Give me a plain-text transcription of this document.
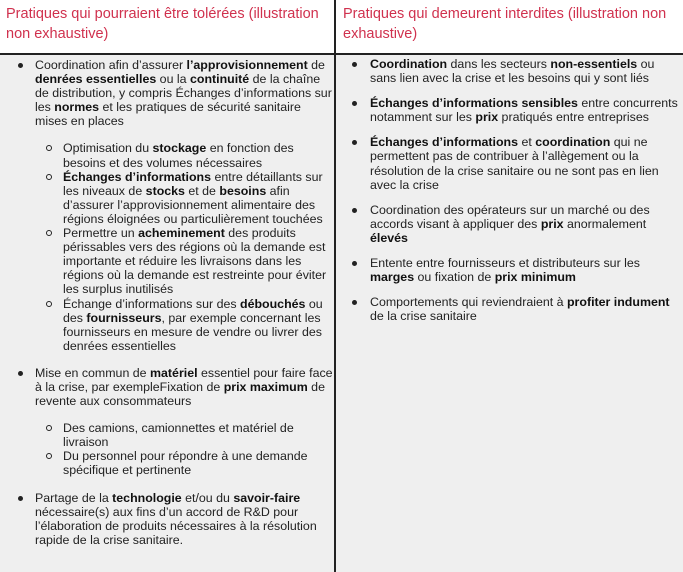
Pratiques qui pourraient être tolérées (illustration non exhaustive)
Pratiques qui demeurent interdites (illustration non exhaustive)
Coordination afin d’assurer l’approvisionnement de denrées essentielles ou la continuité de la chaîne de distribution, y compris Échanges d’informations sur les normes et les pratiques de sécurité sanitaire mises en places
Optimisation du stockage en fonction des besoins et des volumes nécessaires
Échanges d’informations entre détaillants sur les niveaux de stocks et de besoins afin d’assurer l’approvisionnement alimentaire des régions éloignées ou particulièrement touchées
Permettre un acheminement des produits périssables vers des régions où la demande est importante et réduire les livraisons dans les régions où la demande est restreinte pour éviter les surplus inutilisés
Échange d’informations sur des débouchés ou des fournisseurs, par exemple concernant les fournisseurs en mesure de vendre ou livrer des denrées essentielles
Mise en commun de matériel essentiel pour faire face à la crise, par exempleFixation de prix maximum de revente aux consommateurs
Des camions, camionnettes et matériel de livraison
Du personnel pour répondre à une demande spécifique et pertinente
Partage de la technologie et/ou du savoir-faire nécessaire(s) aux fins d’un accord de R&D pour l’élaboration de produits nécessaires à la résolution rapide de la crise sanitaire.
Coordination dans les secteurs non-essentiels ou sans lien avec la crise et les besoins qui y sont liés
Échanges d’informations sensibles entre concurrents notamment sur les prix pratiqués entre entreprises
Échanges d’informations et coordination qui ne permettent pas de contribuer à l’allègement ou la résolution de la crise sanitaire ou ne sont pas en lien avec la crise
Coordination des opérateurs sur un marché ou des accords visant à appliquer des prix anormalement élevés
Entente entre fournisseurs et distributeurs sur les marges ou fixation de prix minimum
Comportements qui reviendraient à profiter indument de la crise sanitaire
